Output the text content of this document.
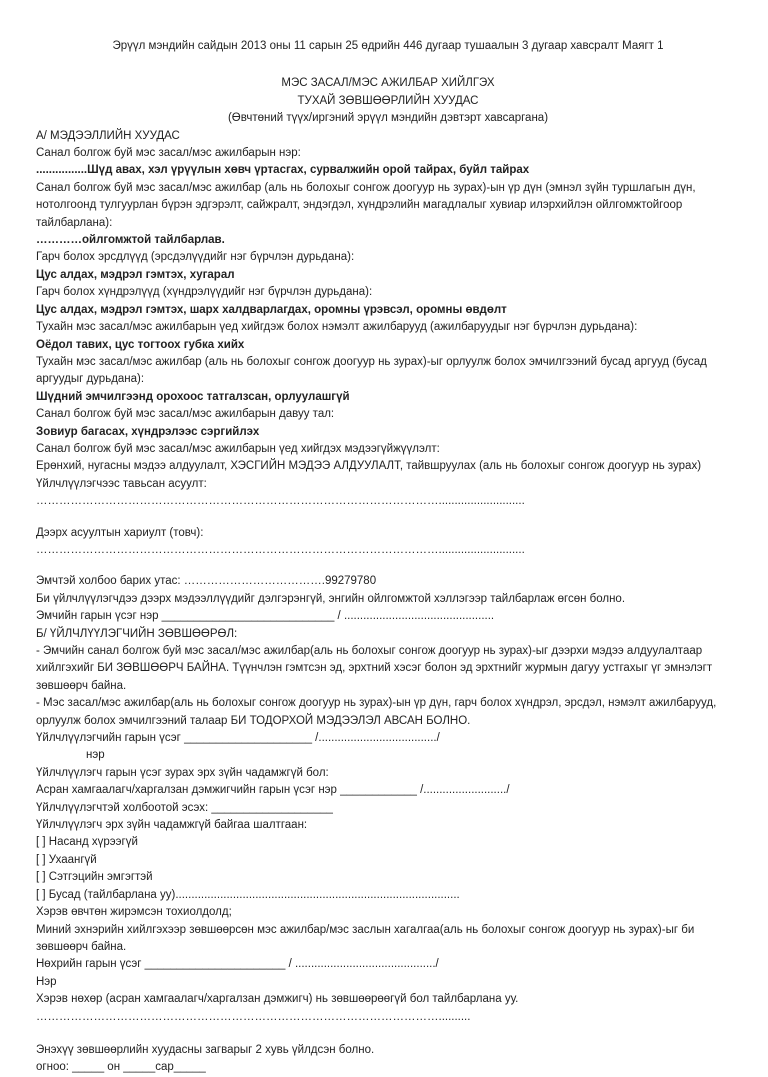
Эрүүл мэндийн сайдын 2013 оны 11 сарын 25 өдрийн 446 дугаар тушаалын 3 дугаар хавсралт Маягт 1
МЭС ЗАСАЛ/МЭС АЖИЛБАР ХИЙЛГЭХ
ТУХАЙ ЗӨВШӨӨРЛИЙН ХУУДАС
(Өвчтөний түүх/иргэний эрүүл мэндийн дэвтэрт хавсаргана)
А/ МЭДЭЭЛЛИЙН ХУУДАС
Санал болгож буй мэс засал/мэс ажилбарын нэр:
................Шүд авах, хэл үрүүлын хөвч үртасгах, сурвалжийн орой тайрах, буйл тайрах
Санал болгож буй мэс засал/мэс ажилбар (аль нь болохыг сонгож доогуур нь зурах)-ын үр дүн (эмнэл зүйн туршлагын дүн, нотолгоонд тулгуурлан бүрэн эдгэрэлт, сайжралт, эндэгдэл, хүндрэлийн магадлалыг хувиар илэрхийлэн ойлгомжтойгоор тайлбарлана):
…………ойлгомжтой тайлбарлав.
Гарч болох эрсдлүүд (эрсдэлүүдийг нэг бүрчлэн дурьдана):
Цус алдах, мэдрэл гэмтэх, хугарал
Гарч болох хүндрэлүүд (хүндрэлүүдийг нэг бүрчлэн дурьдана):
Цус алдах, мэдрэл гэмтэх, шарх халдварлагдах, оромны үрэвсэл, оромны өвдөлт
Тухайн мэс засал/мэс ажилбарын үед хийгдэж болох нэмэлт ажилбарууд (ажилбаруудыг нэг бүрчлэн дурьдана):
Оёдол тавих, цус тогтоох губка хийх
Тухайн мэс засал/мэс ажилбар (аль нь болохыг сонгож доогуур нь зурах)-ыг орлуулж болох эмчилгээний бусад аргууд (бусад аргуудыг дурьдана):
Шүдний эмчилгээнд орохоос татгалзсан, орлуулашгүй
Санал болгож буй мэс засал/мэс ажилбарын давуу тал:
Зовиур багасах, хүндрэлээс сэргийлэх
Санал болгож буй мэс засал/мэс ажилбарын үед хийгдэх мэдээгүйжүүлэлт:
Ерөнхий, нугасны мэдээ алдуулалт, ХЭСГИЙН МЭДЭЭ АЛДУУЛАЛТ, тайвшруулах (аль нь болохыг сонгож доогуур нь зурах)
Үйлчлүүлэгчээс тавьсан асуулт:
……………………………………………………………………………………………...........................
Дээрх асуултын хариулт (товч):
……………………………………………………………………………………………...........................
Эмчтэй холбоо барих утас: ……………………………….99279780
Би үйлчлүүлэгчдээ дээрх мэдээллүүдийг дэлгэрэнгүй, энгийн ойлгомжтой хэллэгээр тайлбарлаж өгсөн болно.
Эмчийн гарын үсэг нэр ___________________________ / ...............................................
Б/ ҮЙЛЧЛҮҮЛЭГЧИЙН ЗӨВШӨӨРӨЛ:
- Эмчийн санал болгож буй мэс засал/мэс ажилбар(аль нь болохыг сонгож доогуур нь зурах)-ыг дээрхи мэдээ алдуулалтаар хийлгэхийг БИ ЗӨВШӨӨРЧ БАЙНА. Түүнчлэн гэмтсэн эд, эрхтний хэсэг болон эд эрхтнийг журмын дагуу устгахыг үг эмнэлэгт зөвшөөрч байна.
- Мэс засал/мэс ажилбар(аль нь болохыг сонгож доогуур нь зурах)-ын үр дүн, гарч болох хүндрэл, эрсдэл, нэмэлт ажилбарууд, орлуулж болох эмчилгээний талаар БИ ТОДОРХОЙ МЭДЭЭЛЭЛ АВСАН БОЛНО.
Үйлчлүүлэгчийн гарын үсэг ____________________ /...................................../
нэр
Үйлчлүүлэгч гарын үсэг зурах эрх зүйн чадамжгүй бол:
Асран хамгаалагч/харгалзан дэмжигчийн гарын үсэг нэр ____________ /........................../
Үйлчлүүлэгчтэй холбоотой эсэх: ___________________
Үйлчлүүлэгч эрх зүйн чадамжгүй байгаа шалтгаан:
[ ] Насанд хүрээгүй
[ ] Ухаангүй
[ ] Сэтгэцийн эмгэгтэй
[ ] Бусад (тайлбарлана уу).........................................................................................
Хэрэв өвчтөн жирэмсэн тохиолдолд;
Миний эхнэрийн хийлгэхээр зөвшөөрсөн мэс ажилбар/мэс заслын хагалгаа(аль нь болохыг сонгож доогуур нь зурах)-ыг би зөвшөөрч байна.
Нөхрийн гарын үсэг ______________________ / ............................................/
Нэр
Хэрэв нөхөр (асран хамгаалагч/харгалзан дэмжигч) нь зөвшөөрөөгүй бол тайлбарлана уу.
……………………………………………………………………………………………..........
Энэхүү зөвшөөрлийн хуудасны загварыг 2 хувь үйлдсэн болно.
огноо: _____ он _____сар_____
